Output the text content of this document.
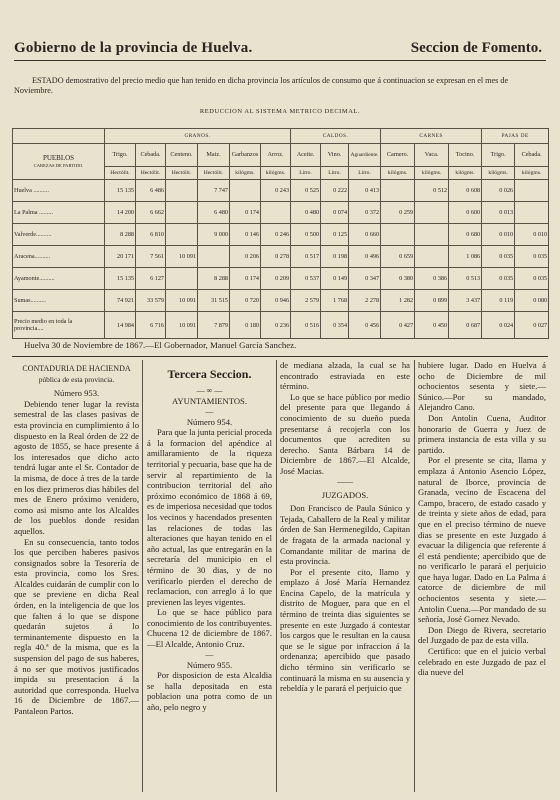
Gobierno de la provincia de Huelva.	Seccion de Fomento.
ESTADO demostrativo del precio medio que han tenido en dicha provincia los artículos de consumo que á continuacion se expresan en el mes de Noviembre.
REDUCCION AL SISTEMA METRICO DECIMAL.
	GRANOS.						CALDOS.			CARNES			PAJAS DE	

PUEBLOS
CABEZAS DE PARTIDO.	Trigo.	Cebada.	Centeno.	Maiz.	Garbanzos	Arroz.	Aceite.	Vino.	Aguardiente.	Carnero.	Vaca.	Tocino.	Trigo.	Cebada.
	Hectólit.	Hectólit.	Hectólit.	Hectólit.	kilógms.	kilógms.	Litro.	Litro.	Litro.	kilógms.	kilógms.	kilógms.	kilógms.	kilógms.
Huelva ..........	15 135	6 486		7 747		0 243	0 525	0 222	0 413		0 512	0 608	0 026	
La Palma .........	14 200	6 662		6 480	0 174		0 480	0 074	0 372	0 259		0 600	0 013	
Valverde..........	8 288	6 810		9 000	0 146	0 246	0 500	0 125	0 660			0 680	0 010	0 010
Aracena..........	20 171	7 561	10 091		0 206	0 278	0 517	0 198	0 496	0 659		1 086	0 035	0 035
Ayamonte..........	15 135	6 127		8 288	0 174	0 209	0 537	0 149	0 347	0 380	0 386	0 513	0 035	0 035
Sumas..........	74 921	33 579	10 091	31 515	0 720	0 946	2 579	1 768	2 278	1 282	0 899	3 437	0 119	0 080
Precio medio en toda la provincia....	14 984	6 716	10 091	7 879	0 180	0 236	0 516	0 354	0 456	0 427	0 450	0 687	0 024	0 027
Huelva 30 de Noviembre de 1867.—El Gobernador, Manuel García Sanchez.

CONTADURIA DE HACIENDA

pública de esta provincia.

Número 953.

Debiendo tener lugar la revista semestral de las clases pasivas de esta provincia en cumplimiento á lo dispuesto en la Real órden de 22 de agosto de 1855, se hace presente á los interesados que dicho acto tendrá lugar ante el Sr. Contador de la misma, de doce á tres de la tarde en los diez primeros dias hábiles del mes de Enero próximo venidero, como asi mismo ante los Alcaldes de los pueblos donde residan aquellos.

En su consecuencia, tanto todos los que perciben haberes pasivos consignados sobre la Tesorería de esta provincia, como los Sres. Alcaldes cuidarán de cumplir con lo que se previene en dicha Real órden, en la inteligencia de que los que falten á lo que se dispone quedarán sujetos á lo terminantemente dispuesto en la regla 40.ª de la misma, que es la suspension del pago de sus haberes, á no ser que motivos justificados impida su presentacion á la autoridad que corresponda. Huelva 16 de Diciembre de 1867.—Pantaleon Partos.

Tercera Seccion.
— ∞ —

AYUNTAMIENTOS.

—

Número 954.

Para que la junta pericial proceda á la formacion del apéndice al amillaramiento de la riqueza territorial y pecuaria, base que ha de servir al repartimiento de la contribucion territorial del año próximo económico de 1868 á 69, es de imperiosa necesidad que todos los vecinos y hacendados presenten las relaciones de todas las alteraciones que hayan tenido en el año actual, las que entregarán en la secretaría del municipio en el término de 30 dias, y de no verificarlo pierden el derecho de reclamacion, con arreglo á lo que previenen las leyes vigentes.

Lo que se hace público para conocimiento de los contribuyentes. Chucena 12 de diciembre de 1867.—El Alcalde, Antonio Cruz.

—

Número 955.

Por disposicion de esta Alcaldia se halla depositada en esta poblacion una potra como de un año, pelo negro y

de mediana alzada, la cual se ha encontrado estraviada en este término.

Lo que se hace público por medio del presente para que llegando á conocimiento de su dueño pueda presentarse á recojerla con los documentos que acrediten su derecho. Santa Bárbara 14 de Diciembre de 1867.—El Alcalde, José Macias.

——

JUZGADOS.

Don Francisco de Paula Súnico y Tejada, Caballero de la Real y militar órden de San Hermenegildo, Capitan de fragata de la armada nacional y Comandante militar de marina de esta provincia.

Por el presente cito, llamo y emplazo á José María Hernandez Encina Capelo, de la matrícula y distrito de Moguer, para que en el término de treinta dias siguientes se presente en este Juzgado á contestar los cargos que le resultan en la causa que se le sigue por infraccion á la ordenanza; apercibido que pasado dicho término sin verificarlo se continuará la misma en su ausencia y rebeldía y le parará el perjuicio que

hubiere lugar. Dado en Huelva á ocho de Diciembre de mil ochocientos sesenta y siete.—Súnico.—Por su mandado, Alejandro Cano.

Don Antolin Cuena, Auditor honorario de Guerra y Juez de primera instancia de esta villa y su partido.

Por el presente se cita, llama y emplaza á Antonio Asencio López, natural de Iborce, provincia de Granada, vecino de Escacena del Campo, bracero, de estado casado y de treinta y siete años de edad, para que en el preciso término de nueve dias se presente en este Juzgado á evacuar la diligencia que referente á él está pendiente; apercibido que de no verificarlo le parará el perjuicio que haya lugar. Dado en La Palma á catorce de diciembre de mil ochocientos sesenta y siete.—Antolin Cuena.—Por mandado de su señoría, José Gomez Nevado.

Don Diego de Rivera, secretario del Juzgado de paz de esta villa.

Certifico: que en el juicio verbal celebrado en este Juzgado de paz el dia nueve del
